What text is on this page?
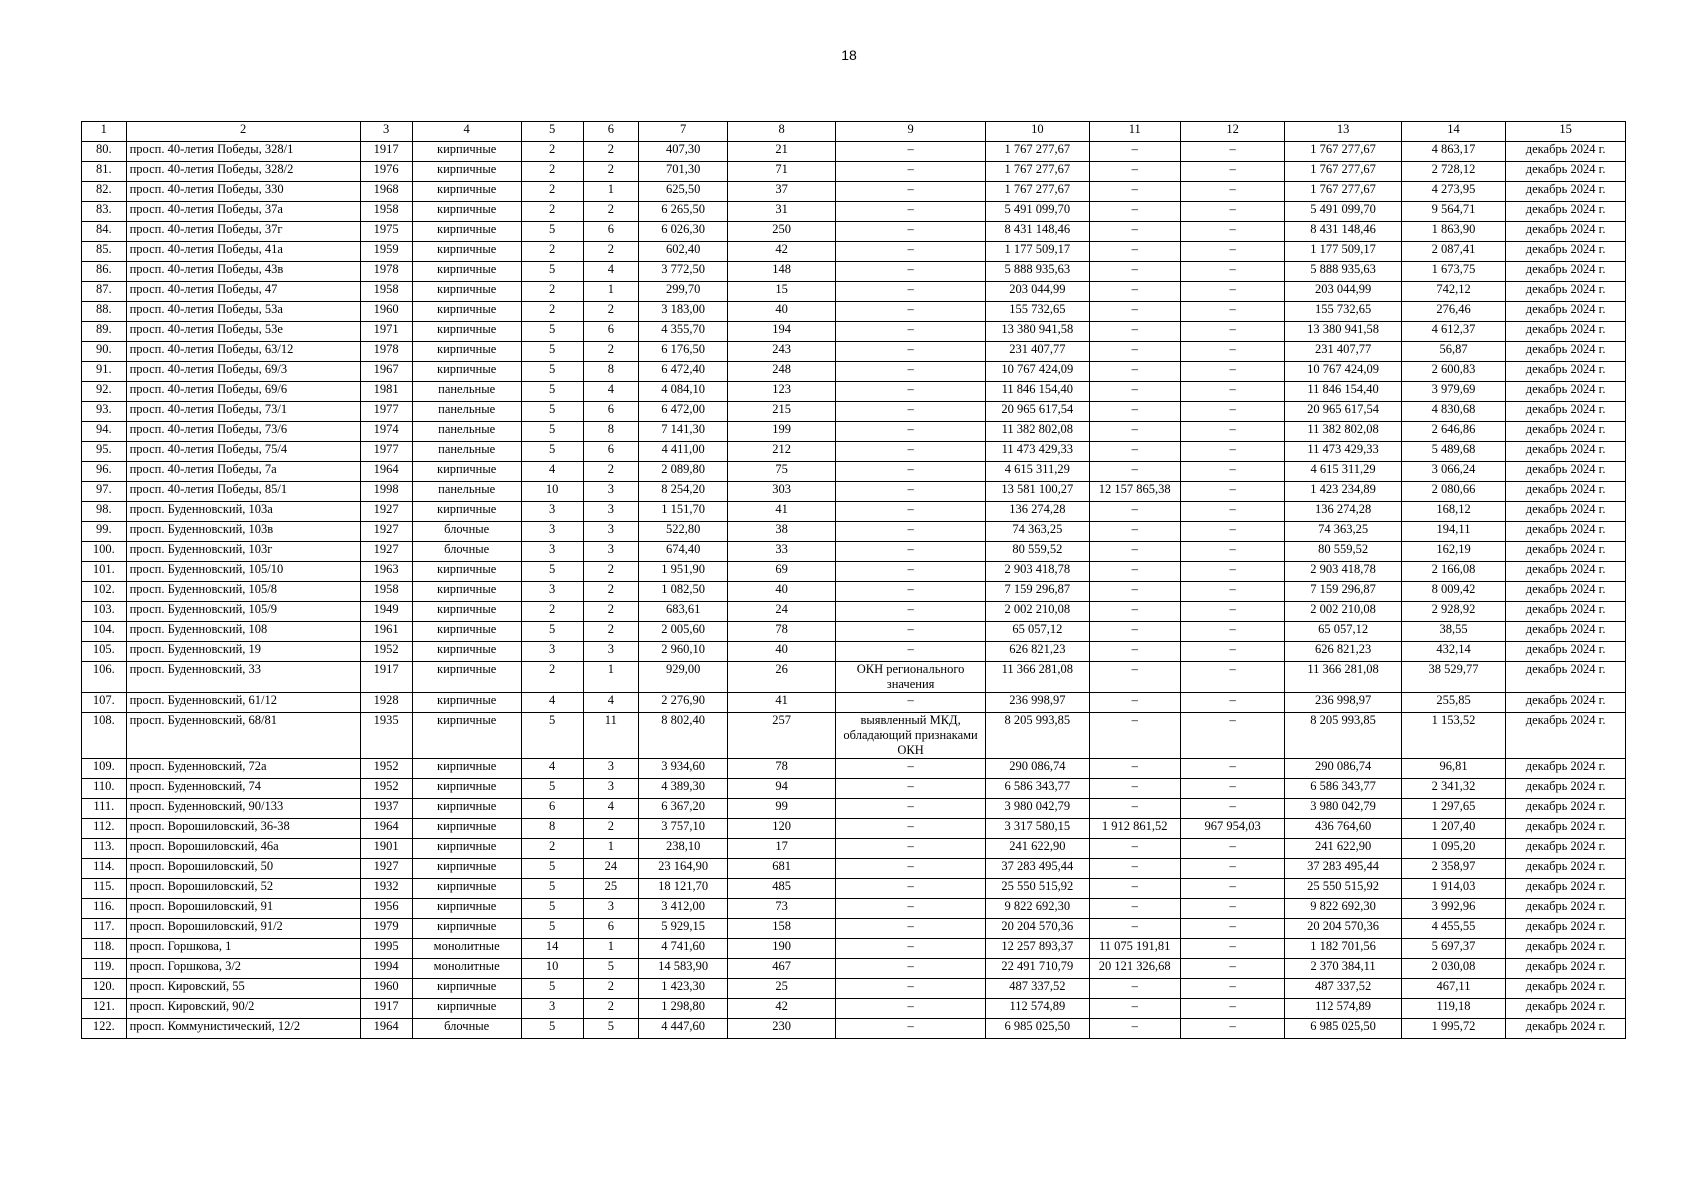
18
1	2	3	4	5	6	7	8	9	10	11	12	13	14	15
80.	просп. 40-летия Победы, 328/1	1917	кирпичные	2	2	407,30	21	–	1 767 277,67	–	–	1 767 277,67	4 863,17	декабрь 2024 г.
81.	просп. 40-летия Победы, 328/2	1976	кирпичные	2	2	701,30	71	–	1 767 277,67	–	–	1 767 277,67	2 728,12	декабрь 2024 г.
82.	просп. 40-летия Победы, 330	1968	кирпичные	2	1	625,50	37	–	1 767 277,67	–	–	1 767 277,67	4 273,95	декабрь 2024 г.
83.	просп. 40-летия Победы, 37а	1958	кирпичные	2	2	6 265,50	31	–	5 491 099,70	–	–	5 491 099,70	9 564,71	декабрь 2024 г.
84.	просп. 40-летия Победы, 37г	1975	кирпичные	5	6	6 026,30	250	–	8 431 148,46	–	–	8 431 148,46	1 863,90	декабрь 2024 г.
85.	просп. 40-летия Победы, 41а	1959	кирпичные	2	2	602,40	42	–	1 177 509,17	–	–	1 177 509,17	2 087,41	декабрь 2024 г.
86.	просп. 40-летия Победы, 43в	1978	кирпичные	5	4	3 772,50	148	–	5 888 935,63	–	–	5 888 935,63	1 673,75	декабрь 2024 г.
87.	просп. 40-летия Победы, 47	1958	кирпичные	2	1	299,70	15	–	203 044,99	–	–	203 044,99	742,12	декабрь 2024 г.
88.	просп. 40-летия Победы, 53а	1960	кирпичные	2	2	3 183,00	40	–	155 732,65	–	–	155 732,65	276,46	декабрь 2024 г.
89.	просп. 40-летия Победы, 53е	1971	кирпичные	5	6	4 355,70	194	–	13 380 941,58	–	–	13 380 941,58	4 612,37	декабрь 2024 г.
90.	просп. 40-летия Победы, 63/12	1978	кирпичные	5	2	6 176,50	243	–	231 407,77	–	–	231 407,77	56,87	декабрь 2024 г.
91.	просп. 40-летия Победы, 69/3	1967	кирпичные	5	8	6 472,40	248	–	10 767 424,09	–	–	10 767 424,09	2 600,83	декабрь 2024 г.
92.	просп. 40-летия Победы, 69/6	1981	панельные	5	4	4 084,10	123	–	11 846 154,40	–	–	11 846 154,40	3 979,69	декабрь 2024 г.
93.	просп. 40-летия Победы, 73/1	1977	панельные	5	6	6 472,00	215	–	20 965 617,54	–	–	20 965 617,54	4 830,68	декабрь 2024 г.
94.	просп. 40-летия Победы, 73/6	1974	панельные	5	8	7 141,30	199	–	11 382 802,08	–	–	11 382 802,08	2 646,86	декабрь 2024 г.
95.	просп. 40-летия Победы, 75/4	1977	панельные	5	6	4 411,00	212	–	11 473 429,33	–	–	11 473 429,33	5 489,68	декабрь 2024 г.
96.	просп. 40-летия Победы, 7а	1964	кирпичные	4	2	2 089,80	75	–	4 615 311,29	–	–	4 615 311,29	3 066,24	декабрь 2024 г.
97.	просп. 40-летия Победы, 85/1	1998	панельные	10	3	8 254,20	303	–	13 581 100,27	12 157 865,38	–	1 423 234,89	2 080,66	декабрь 2024 г.
98.	просп. Буденновский, 103а	1927	кирпичные	3	3	1 151,70	41	–	136 274,28	–	–	136 274,28	168,12	декабрь 2024 г.
99.	просп. Буденновский, 103в	1927	блочные	3	3	522,80	38	–	74 363,25	–	–	74 363,25	194,11	декабрь 2024 г.
100.	просп. Буденновский, 103г	1927	блочные	3	3	674,40	33	–	80 559,52	–	–	80 559,52	162,19	декабрь 2024 г.
101.	просп. Буденновский, 105/10	1963	кирпичные	5	2	1 951,90	69	–	2 903 418,78	–	–	2 903 418,78	2 166,08	декабрь 2024 г.
102.	просп. Буденновский, 105/8	1958	кирпичные	3	2	1 082,50	40	–	7 159 296,87	–	–	7 159 296,87	8 009,42	декабрь 2024 г.
103.	просп. Буденновский, 105/9	1949	кирпичные	2	2	683,61	24	–	2 002 210,08	–	–	2 002 210,08	2 928,92	декабрь 2024 г.
104.	просп. Буденновский, 108	1961	кирпичные	5	2	2 005,60	78	–	65 057,12	–	–	65 057,12	38,55	декабрь 2024 г.
105.	просп. Буденновский, 19	1952	кирпичные	3	3	2 960,10	40	–	626 821,23	–	–	626 821,23	432,14	декабрь 2024 г.
106.	просп. Буденновский, 33	1917	кирпичные	2	1	929,00	26	ОКН регионального значения	11 366 281,08	–	–	11 366 281,08	38 529,77	декабрь 2024 г.
107.	просп. Буденновский, 61/12	1928	кирпичные	4	4	2 276,90	41	–	236 998,97	–	–	236 998,97	255,85	декабрь 2024 г.
108.	просп. Буденновский, 68/81	1935	кирпичные	5	11	8 802,40	257	выявленный МКД, обладающий признаками ОКН	8 205 993,85	–	–	8 205 993,85	1 153,52	декабрь 2024 г.
109.	просп. Буденновский, 72а	1952	кирпичные	4	3	3 934,60	78	–	290 086,74	–	–	290 086,74	96,81	декабрь 2024 г.
110.	просп. Буденновский, 74	1952	кирпичные	5	3	4 389,30	94	–	6 586 343,77	–	–	6 586 343,77	2 341,32	декабрь 2024 г.
111.	просп. Буденновский, 90/133	1937	кирпичные	6	4	6 367,20	99	–	3 980 042,79	–	–	3 980 042,79	1 297,65	декабрь 2024 г.
112.	просп. Ворошиловский, 36-38	1964	кирпичные	8	2	3 757,10	120	–	3 317 580,15	1 912 861,52	967 954,03	436 764,60	1 207,40	декабрь 2024 г.
113.	просп. Ворошиловский, 46а	1901	кирпичные	2	1	238,10	17	–	241 622,90	–	–	241 622,90	1 095,20	декабрь 2024 г.
114.	просп. Ворошиловский, 50	1927	кирпичные	5	24	23 164,90	681	–	37 283 495,44	–	–	37 283 495,44	2 358,97	декабрь 2024 г.
115.	просп. Ворошиловский, 52	1932	кирпичные	5	25	18 121,70	485	–	25 550 515,92	–	–	25 550 515,92	1 914,03	декабрь 2024 г.
116.	просп. Ворошиловский, 91	1956	кирпичные	5	3	3 412,00	73	–	9 822 692,30	–	–	9 822 692,30	3 992,96	декабрь 2024 г.
117.	просп. Ворошиловский, 91/2	1979	кирпичные	5	6	5 929,15	158	–	20 204 570,36	–	–	20 204 570,36	4 455,55	декабрь 2024 г.
118.	просп. Горшкова, 1	1995	монолитные	14	1	4 741,60	190	–	12 257 893,37	11 075 191,81	–	1 182 701,56	5 697,37	декабрь 2024 г.
119.	просп. Горшкова, 3/2	1994	монолитные	10	5	14 583,90	467	–	22 491 710,79	20 121 326,68	–	2 370 384,11	2 030,08	декабрь 2024 г.
120.	просп. Кировский, 55	1960	кирпичные	5	2	1 423,30	25	–	487 337,52	–	–	487 337,52	467,11	декабрь 2024 г.
121.	просп. Кировский, 90/2	1917	кирпичные	3	2	1 298,80	42	–	112 574,89	–	–	112 574,89	119,18	декабрь 2024 г.
122.	просп. Коммунистический, 12/2	1964	блочные	5	5	4 447,60	230	–	6 985 025,50	–	–	6 985 025,50	1 995,72	декабрь 2024 г.
